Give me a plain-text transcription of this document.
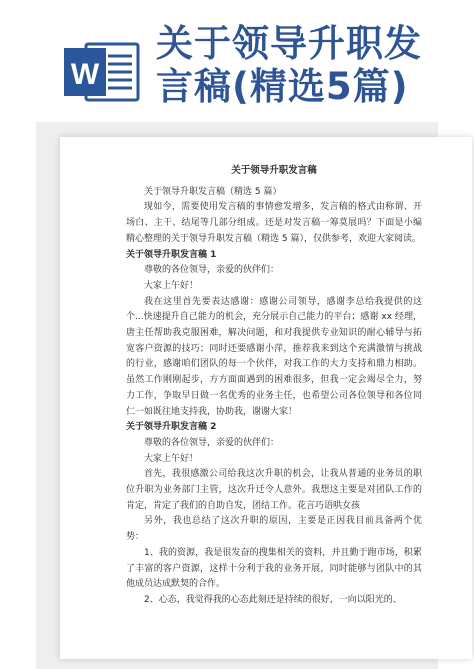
W
关于领导升职发言稿(精选5篇)
关于领导升职发言稿

关于领导升职发言稿（精选 5 篇）

现如今，需要使用发言稿的事情愈发增多，发言稿的格式由称谓、开场白、主干、结尾等几部分组成。还是对发言稿一筹莫展吗？下面是小编精心整理的关于领导升职发言稿（精选 5 篇），仅供参考，欢迎大家阅读。

关于领导升职发言稿 1

尊敬的各位领导，亲爱的伙伴们：

大家上午好！

我在这里首先要表达感谢：感谢公司领导，感谢李总给我提供的这个...快速提升自己能力的机会，充分展示自己能力的平台；感谢 xx 经理，唐主任帮助我克服困难，解决问题，和对我提供专业知识的耐心辅导与拓宽客户资源的技巧；同时还要感谢小萍，推荐我来到这个充满激情与挑战的行业，感谢咱们团队的每一个伙伴，对我工作的大力支持和鼎力相助。虽然工作刚刚起步，方方面面遇到的困难很多，但我一定会竭尽全力，努力工作，争取早日做一名优秀的业务主任，也希望公司各位领导和各位同仁一如既往地支持我，协助我，谢谢大家！

关于领导升职发言稿 2

尊敬的各位领导，亲爱的伙伴们：

大家上午好！

首先，我很感激公司给我这次升职的机会，让我从普通的业务员的职位升职为业务部门主管，这次升迁令人意外。我想这主要是对团队工作的肯定，肯定了我们的自助自发，团结工作。花言巧语哄女孩

另外，我也总结了这次升职的原因，主要是正因我目前具备两个优势：

1、我的资源，我是很发奋的搜集相关的资料，并且勤于跑市场，积累了丰富的客户资源，这样十分利于我的业务开展，同时能够与团队中的其他成员达成默契的合作。

2、心态，我觉得我的心态此刻还是持续的很好，一向以阳光的、
